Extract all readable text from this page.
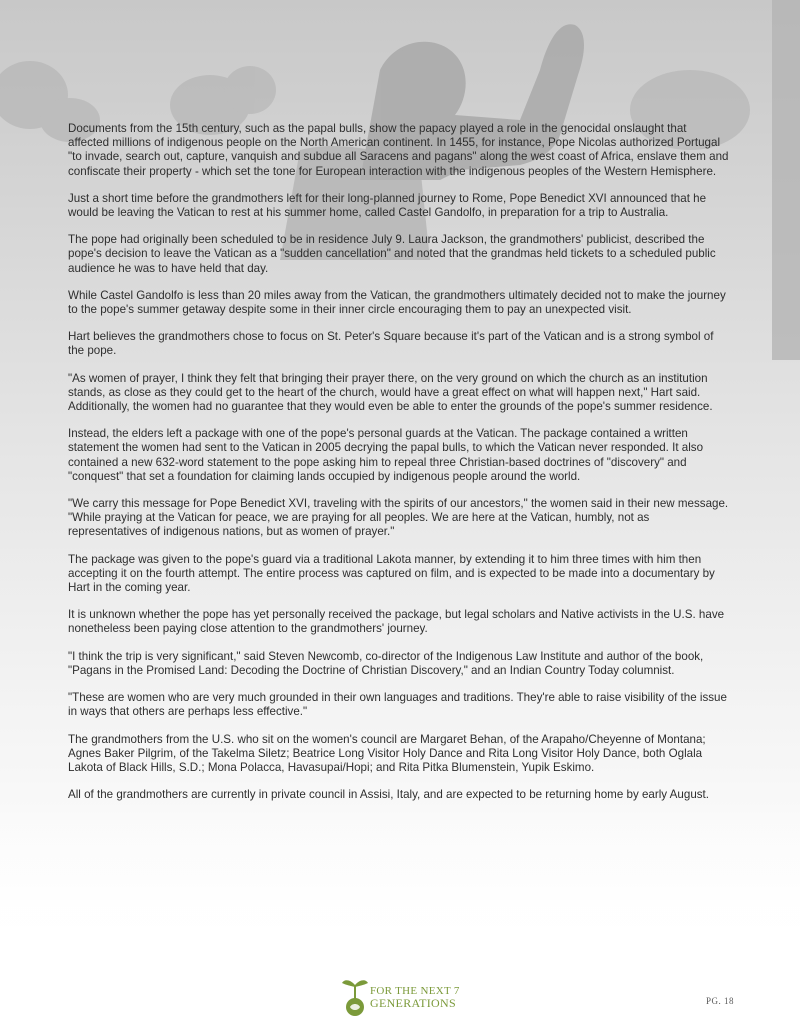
Documents from the 15th century, such as the papal bulls, show the papacy played a role in the genocidal onslaught that affected millions of indigenous people on the North American continent. In 1455, for instance, Pope Nicolas authorized Portugal "to invade, search out, capture, vanquish and subdue all Saracens and pagans" along the west coast of Africa, enslave them and confiscate their property - which set the tone for European interaction with the indigenous peoples of the Western Hemisphere.

Just a short time before the grandmothers left for their long-planned journey to Rome, Pope Benedict XVI announced that he would be leaving the Vatican to rest at his summer home, called Castel Gandolfo, in preparation for a trip to Australia.

The pope had originally been scheduled to be in residence July 9. Laura Jackson, the grandmothers' publicist, described the pope's decision to leave the Vatican as a "sudden cancellation" and noted that the grandmas held tickets to a scheduled public audience he was to have held that day.

While Castel Gandolfo is less than 20 miles away from the Vatican, the grandmothers ultimately decided not to make the journey to the pope's summer getaway despite some in their inner circle encouraging them to pay an unexpected visit.

Hart believes the grandmothers chose to focus on St. Peter's Square because it's part of the Vatican and is a strong symbol of the pope.

"As women of prayer, I think they felt that bringing their prayer there, on the very ground on which the church as an institution stands, as close as they could get to the heart of the church, would have a great effect on what will happen next," Hart said. Additionally, the women had no guarantee that they would even be able to enter the grounds of the pope's summer residence.

Instead, the elders left a package with one of the pope's personal guards at the Vatican. The package contained a written statement the women had sent to the Vatican in 2005 decrying the papal bulls, to which the Vatican never responded. It also contained a new 632-word statement to the pope asking him to repeal three Christian-based doctrines of "discovery" and "conquest" that set a foundation for claiming lands occupied by indigenous people around the world.

"We carry this message for Pope Benedict XVI, traveling with the spirits of our ancestors," the women said in their new message. "While praying at the Vatican for peace, we are praying for all peoples. We are here at the Vatican, humbly, not as representatives of indigenous nations, but as women of prayer."

The package was given to the pope's guard via a traditional Lakota manner, by extending it to him three times with him then accepting it on the fourth attempt. The entire process was captured on film, and is expected to be made into a documentary by Hart in the coming year.

It is unknown whether the pope has yet personally received the package, but legal scholars and Native activists in the U.S. have nonetheless been paying close attention to the grandmothers' journey.

"I think the trip is very significant," said Steven Newcomb, co-director of the Indigenous Law Institute and author of the book, "Pagans in the Promised Land: Decoding the Doctrine of Christian Discovery," and an Indian Country Today columnist.

"These are women who are very much grounded in their own languages and traditions. They're able to raise visibility of the issue in ways that others are perhaps less effective."

The grandmothers from the U.S. who sit on the women's council are Margaret Behan, of the Arapaho/Cheyenne of Montana; Agnes Baker Pilgrim, of the Takelma Siletz; Beatrice Long Visitor Holy Dance and Rita Long Visitor Holy Dance, both Oglala Lakota of Black Hills, S.D.; Mona Polacca, Havasupai/Hopi; and Rita Pitka Blumenstein, Yupik Eskimo.

All of the grandmothers are currently in private council in Assisi, Italy, and are expected to be returning home by early August.

FOR THE NEXT 7
GENERATIONS	PG. 18
